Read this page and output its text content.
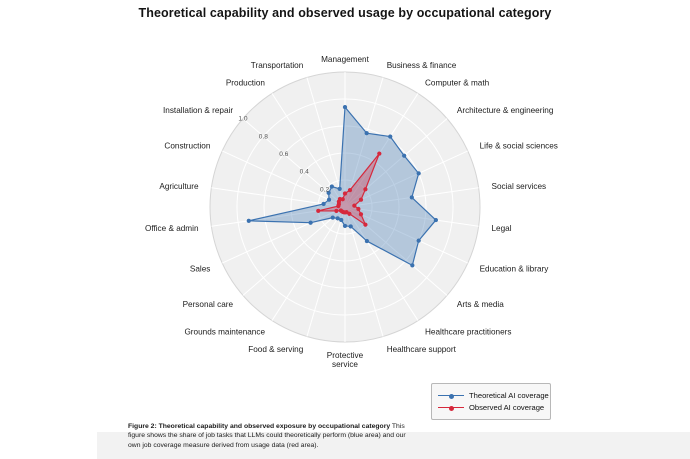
Theoretical capability and observed usage by occupational category
0.2
0.4
0.6
0.8
1.0
Management
Business & finance
Computer & math
Architecture & engineering
Life & social sciences
Social services
Legal
Education & library
Arts & media
Healthcare practitioners
Healthcare support
Protective service
Food & serving
Grounds maintenance
Personal care
Sales
Office & admin
Agriculture
Construction
Installation & repair
Production
Transportation
Theoretical AI coverage
Observed AI coverage
Figure 2: Theoretical capability and observed exposure by occupational category This figure shows the share of job tasks that LLMs could theoretically perform (blue area) and our own job coverage measure derived from usage data (red area).
